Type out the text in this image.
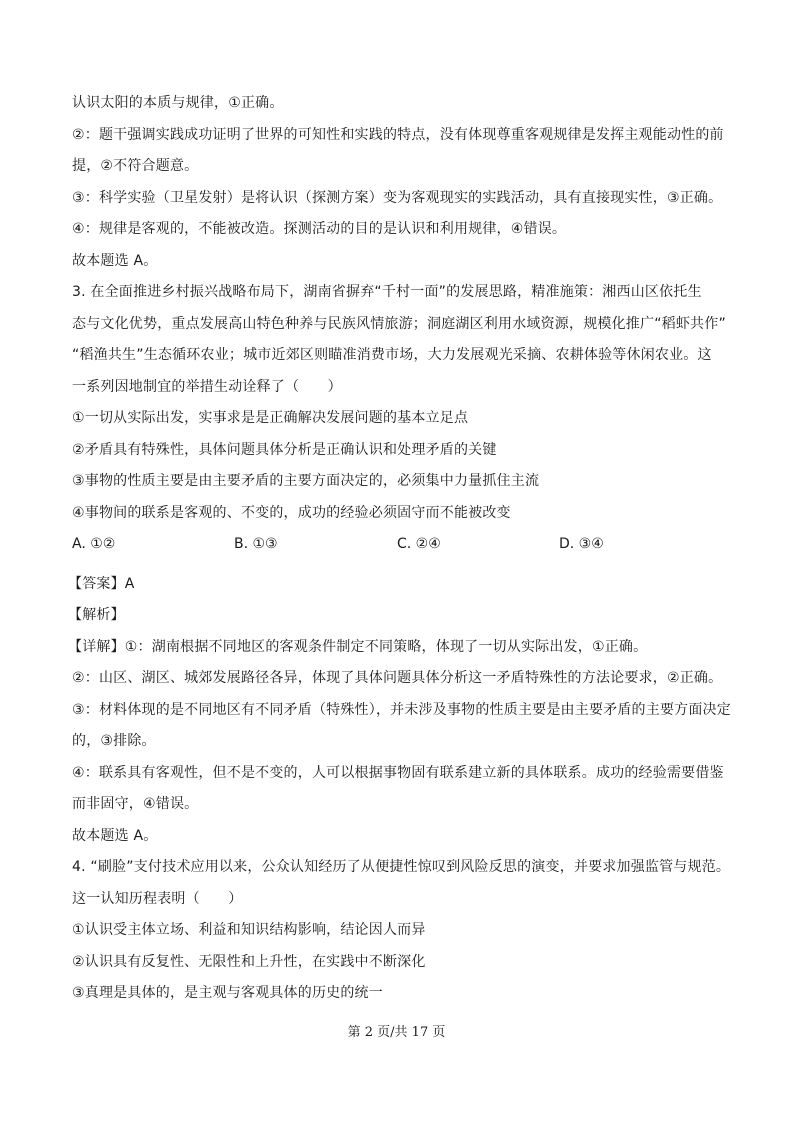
认识太阳的本质与规律，①正确。
②：题干强调实践成功证明了世界的可知性和实践的特点，没有体现尊重客观规律是发挥主观能动性的前
提，②不符合题意。
③：科学实验（卫星发射）是将认识（探测方案）变为客观现实的实践活动，具有直接现实性，③正确。
④：规律是客观的，不能被改造。探测活动的目的是认识和利用规律，④错误。
故本题选 A。
3. 在全面推进乡村振兴战略布局下，湖南省摒弃“千村一面”的发展思路，精准施策：湘西山区依托生
态与文化优势，重点发展高山特色种养与民族风情旅游；洞庭湖区利用水域资源，规模化推广“稻虾共作”
“稻渔共生”生态循环农业；城市近郊区则瞄准消费市场，大力发展观光采摘、农耕体验等休闲农业。这
一系列因地制宜的举措生动诠释了（　　）
①一切从实际出发，实事求是是正确解决发展问题的基本立足点
②矛盾具有特殊性，具体问题具体分析是正确认识和处理矛盾的关键
③事物的性质主要是由主要矛盾的主要方面决定的，必须集中力量抓住主流
④事物间的联系是客观的、不变的，成功的经验必须固守而不能被改变
A. ①②	B. ①③	C. ②④	D. ③④
【答案】A
【解析】
【详解】①：湖南根据不同地区的客观条件制定不同策略，体现了一切从实际出发，①正确。
②：山区、湖区、城郊发展路径各异，体现了具体问题具体分析这一矛盾特殊性的方法论要求，②正确。
③：材料体现的是不同地区有不同矛盾（特殊性），并未涉及事物的性质主要是由主要矛盾的主要方面决定
的，③排除。
④：联系具有客观性，但不是不变的，人可以根据事物固有联系建立新的具体联系。成功的经验需要借鉴
而非固守，④错误。
故本题选 A。
4. “刷脸”支付技术应用以来，公众认知经历了从便捷性惊叹到风险反思的演变，并要求加强监管与规范。
这一认知历程表明（　　）
①认识受主体立场、利益和知识结构影响，结论因人而异
②认识具有反复性、无限性和上升性，在实践中不断深化
③真理是具体的，是主观与客观具体的历史的统一
第 2 页/共 17 页
